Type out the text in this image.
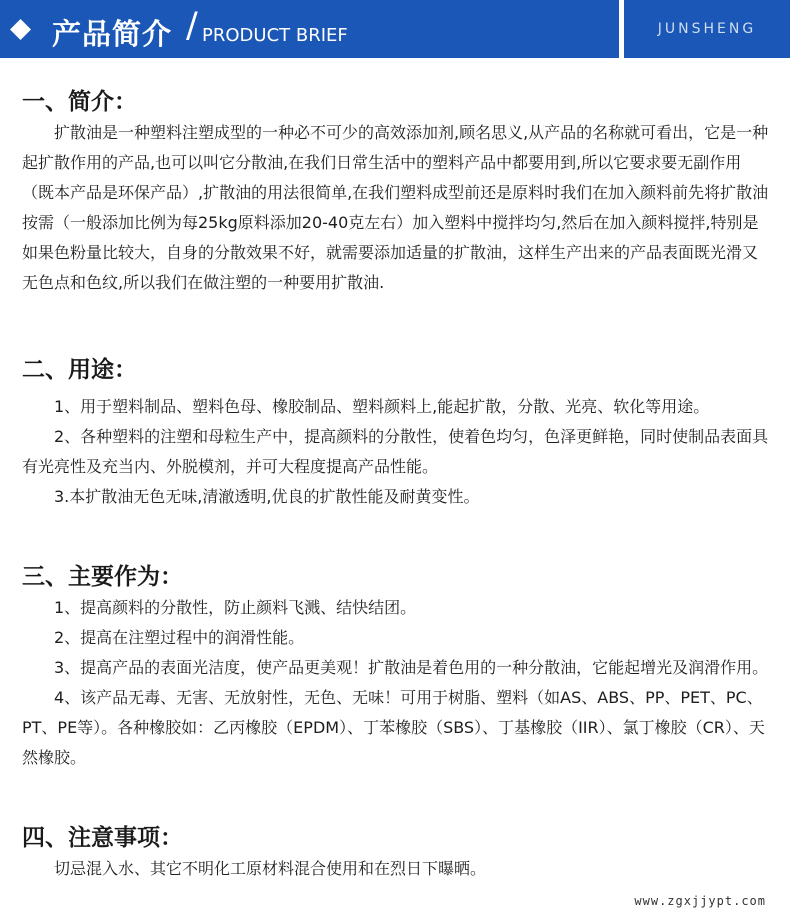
产品简介 / PRODUCT BRIEF	JUNSHENG
一、简介：

　　扩散油是一种塑料注塑成型的一种必不可少的高效添加剂,顾名思义,从产品的名称就可看出，它是一种起扩散作用的产品,也可以叫它分散油,在我们日常生活中的塑料产品中都要用到,所以它要求要无副作用（既本产品是环保产品）,扩散油的用法很简单,在我们塑料成型前还是原料时我们在加入颜料前先将扩散油按需（一般添加比例为每25kg原料添加20-40克左右）加入塑料中搅拌均匀,然后在加入颜料搅拌,特别是如果色粉量比较大，自身的分散效果不好，就需要添加适量的扩散油，这样生产出来的产品表面既光滑又无色点和色纹,所以我们在做注塑的一种要用扩散油.

二、用途：

　　1、用于塑料制品、塑料色母、橡胶制品、塑料颜料上,能起扩散，分散、光亮、软化等用途。

　　2、各种塑料的注塑和母粒生产中，提高颜料的分散性，使着色均匀，色泽更鲜艳，同时使制品表面具有光亮性及充当内、外脱模剂，并可大程度提高产品性能。

　　3.本扩散油无色无味,清澈透明,优良的扩散性能及耐黄变性。

三、主要作为：

　　1、提高颜料的分散性，防止颜料飞溅、结快结团。

　　2、提高在注塑过程中的润滑性能。

　　3、提高产品的表面光洁度，使产品更美观！扩散油是着色用的一种分散油，它能起增光及润滑作用。

　　4、该产品无毒、无害、无放射性，无色、无味！可用于树脂、塑料（如AS、ABS、PP、PET、PC、PT、PE等）。各种橡胶如：乙丙橡胶（EPDM）、丁苯橡胶（SBS）、丁基橡胶（IIR）、氯丁橡胶（CR）、天然橡胶。

四、注意事项：

　　切忌混入水、其它不明化工原材料混合使用和在烈日下曝晒。

www.zgxjjypt.com
